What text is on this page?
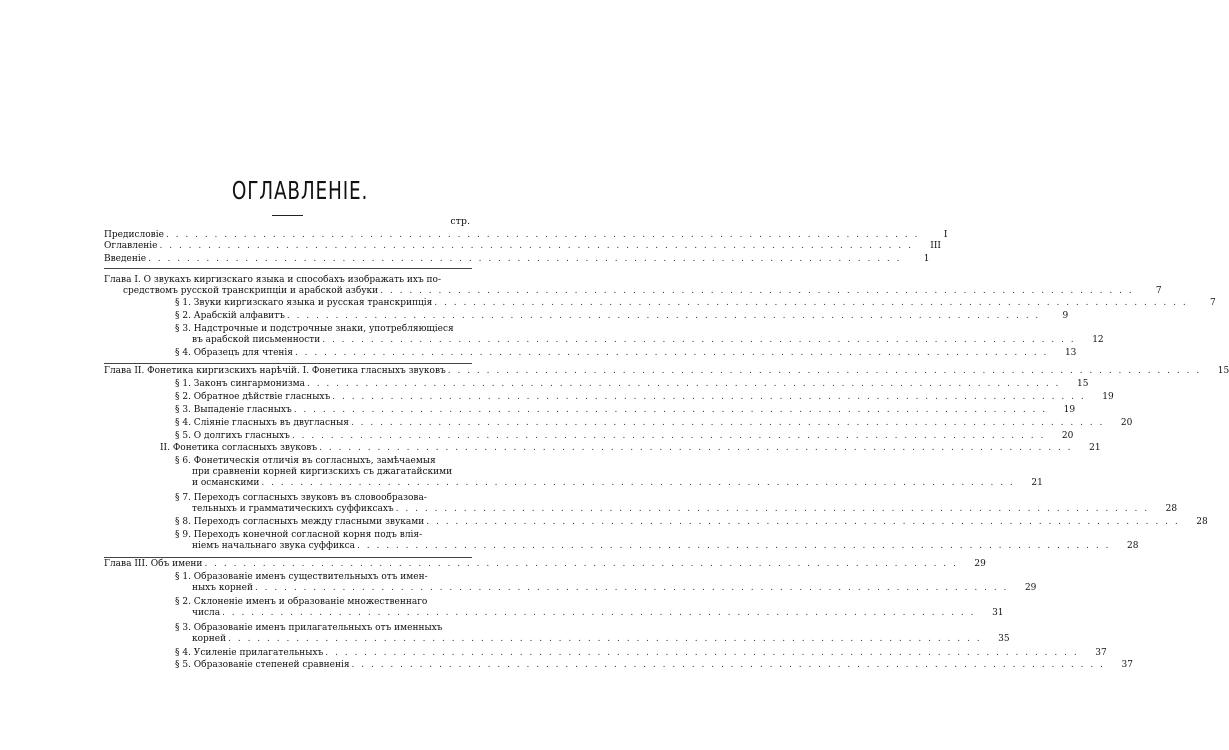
ОГЛАВЛЕНIЕ.
стр.
Предисловіе . . .	I
Оглавленіе . . .	III
Введеніе . . .	1
Глава I. О звукахъ киргизскаго языка и способахъ изображать ихъ по-
средствомъ русской транскрипціи и арабской азбуки . . .	7
§ 1. Звуки киргизскаго языка и русская транскрипція . . .	7
§ 2. Арабскій алфавитъ . . .	9
§ 3. Надстрочные и подстрочные знаки, употребляющіеся
въ арабской письменности . . .	12
§ 4. Образецъ для чтенія . . .	13
Глава II. Фонетика киргизскихъ нарѣчій. I. Фонетика гласныхъ звуковъ . . .	15
§ 1. Законъ сингармонизма . . .	15
§ 2. Обратное дѣйствіе гласныхъ . . .	19
§ 3. Выпаденіе гласныхъ . . .	19
§ 4. Сліяніе гласныхъ въ двугласныя . . .	20
§ 5. О долгихъ гласныхъ . . .	20
II. Фонетика согласныхъ звуковъ . . .	21
§ 6. Фонетическія отличія въ согласныхъ, замѣчаемыя
при сравненіи корней киргизскихъ съ джагатайскими
и османскими . . .	21
§ 7. Переходъ согласныхъ звуковъ въ словообразова-
тельныхъ и грамматическихъ суффиксахъ . . .	28
§ 8. Переходъ согласныхъ между гласными звуками . . .	28
§ 9. Переходъ конечной согласной корня подъ влія-
ніемъ начальнаго звука суффикса . . .	28
Глава III. Объ имени . . .	29
§ 1. Образованіе именъ существительныхъ отъ имен-
ныхъ корней . . .	29
§ 2. Склоненіе именъ и образованіе множественнаго
числа . . .	31
§ 3. Образованіе именъ прилагательныхъ отъ именныхъ
корней . . .	35
§ 4. Усиленіе прилагательныхъ . . .	37
§ 5. Образованіе степеней сравненія . . .	37
